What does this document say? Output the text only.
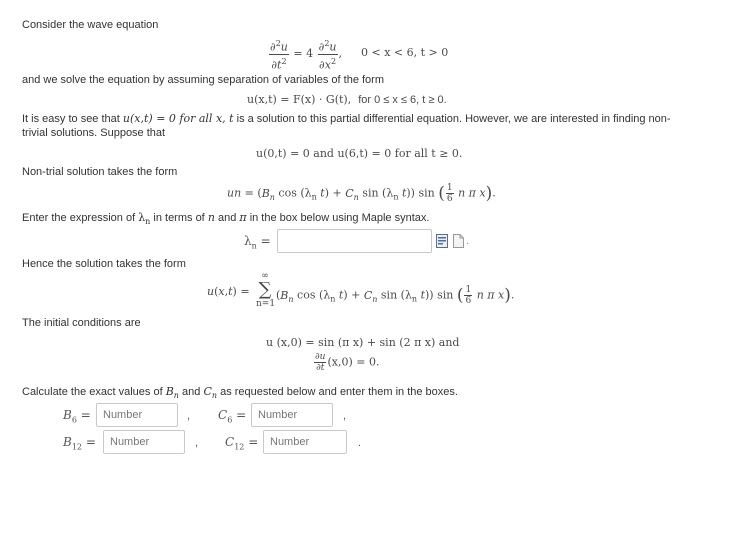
Consider the wave equation
$\frac{\partial^2u}{\partial t^2} = 4 \frac{\partial^2u}{\partial x^2}$ , 0 < x < 6, t > 0
and we solve the equation by assuming separation of variables of the form
u(x,t) = F(x) · G(t), for 0 ≤ x ≤ 6, t ≥ 0.
It is easy to see that u(x,t) = 0 for all x, t is a solution to this partial differential equation. However, we are interested in finding non-
trivial solutions. Suppose that
u(0,t) = 0 and u(6,t) = 0 for all t ≥ 0.
Non-trial solution takes the form
un = ($B_n$ $\cos (\lambda_n$ $t) + C_n$ $\sin (\lambda_n$ t)) sin ( $\frac{1}{6}$ n π x).
Enter the expression of $\lambda_n$ in terms of n and π in the box below using Maple syntax.
$\lambda_n$ =	.
Hence the solution takes the form
u(x,t) =
∞
∑
n=1
($B_n$ $\cos (\lambda_n$ $t) + C_n$ $\sin (\lambda_n$ t)) sin ( $\frac{1}{6}$ n π x).
The initial conditions are
u (x,0) = sin (π x) + sin (2 π x) and
$\frac{\partial u}{\partial t} (x,0) = 0$.
Calculate the exact values of $B_n$ and $C_n$ as requested below and enter them in the boxes.
$B_6$ =	Number	, $C_6$ =	Number	,
$B_{12}$ =	Number	, $C_{12}$ =	Number	.
